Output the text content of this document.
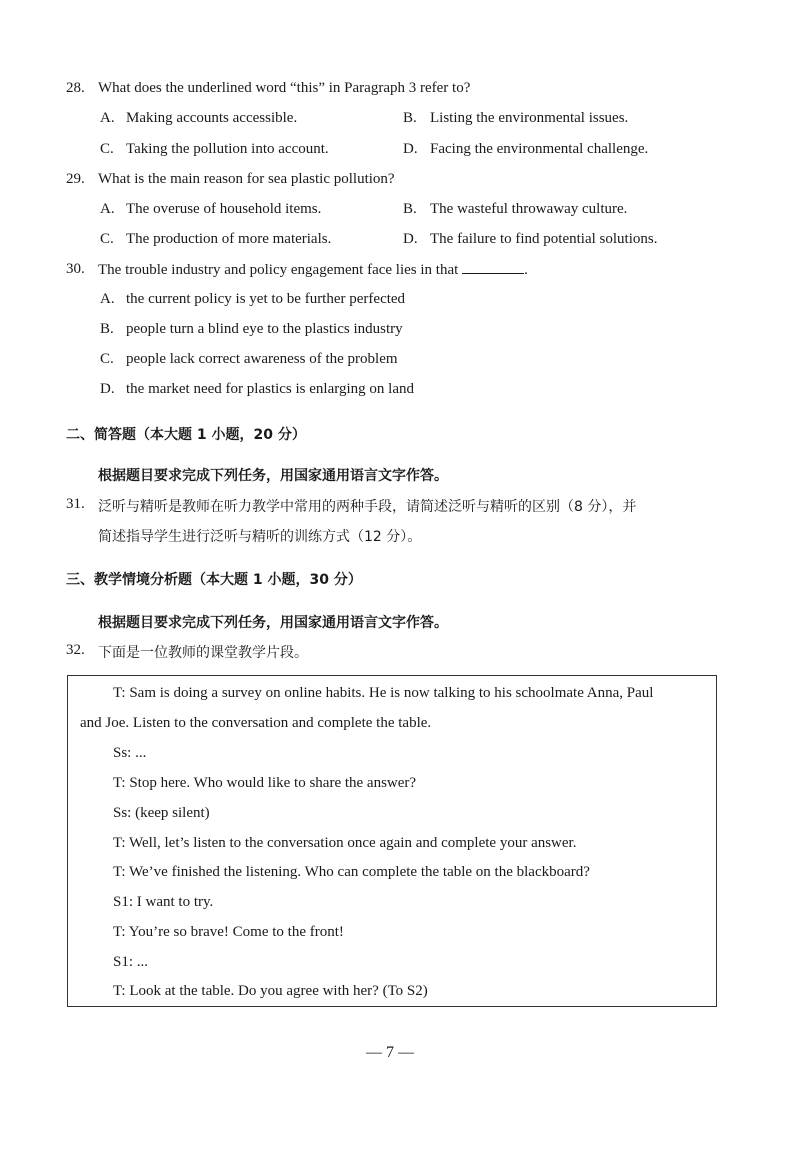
28. What does the underlined word “this” in Paragraph 3 refer to?
A. Making accounts accessible.	B. Listing the environmental issues.
C. Taking the pollution into account.	D. Facing the environmental challenge.
29. What is the main reason for sea plastic pollution?
A. The overuse of household items.	B. The wasteful throwaway culture.
C. The production of more materials.	D. The failure to find potential solutions.
30. The trouble industry and policy engagement face lies in that	.
A. the current policy is yet to be further perfected
B. people turn a blind eye to the plastics industry
C. people lack correct awareness of the problem
D. the market need for plastics is enlarging on land
二、简答题（本大题 1 小题，20 分）
根据题目要求完成下列任务，用国家通用语言文字作答。
31. 泛听与精听是教师在听力教学中常用的两种手段，请简述泛听与精听的区别（8 分），并
简述指导学生进行泛听与精听的训练方式（12 分）。
三、教学情境分析题（本大题 1 小题，30 分）
根据题目要求完成下列任务，用国家通用语言文字作答。
32. 下面是一位教师的课堂教学片段。
T: Sam is doing a survey on online habits. He is now talking to his schoolmate Anna, Paul
and Joe. Listen to the conversation and complete the table.
Ss: ...
T: Stop here. Who would like to share the answer?
Ss: (keep silent)
T: Well, let’s listen to the conversation once again and complete your answer.
T: We’ve finished the listening. Who can complete the table on the blackboard?
S1: I want to try.
T: You’re so brave! Come to the front!
S1: ...
T: Look at the table. Do you agree with her? (To S2)
— 7 —
